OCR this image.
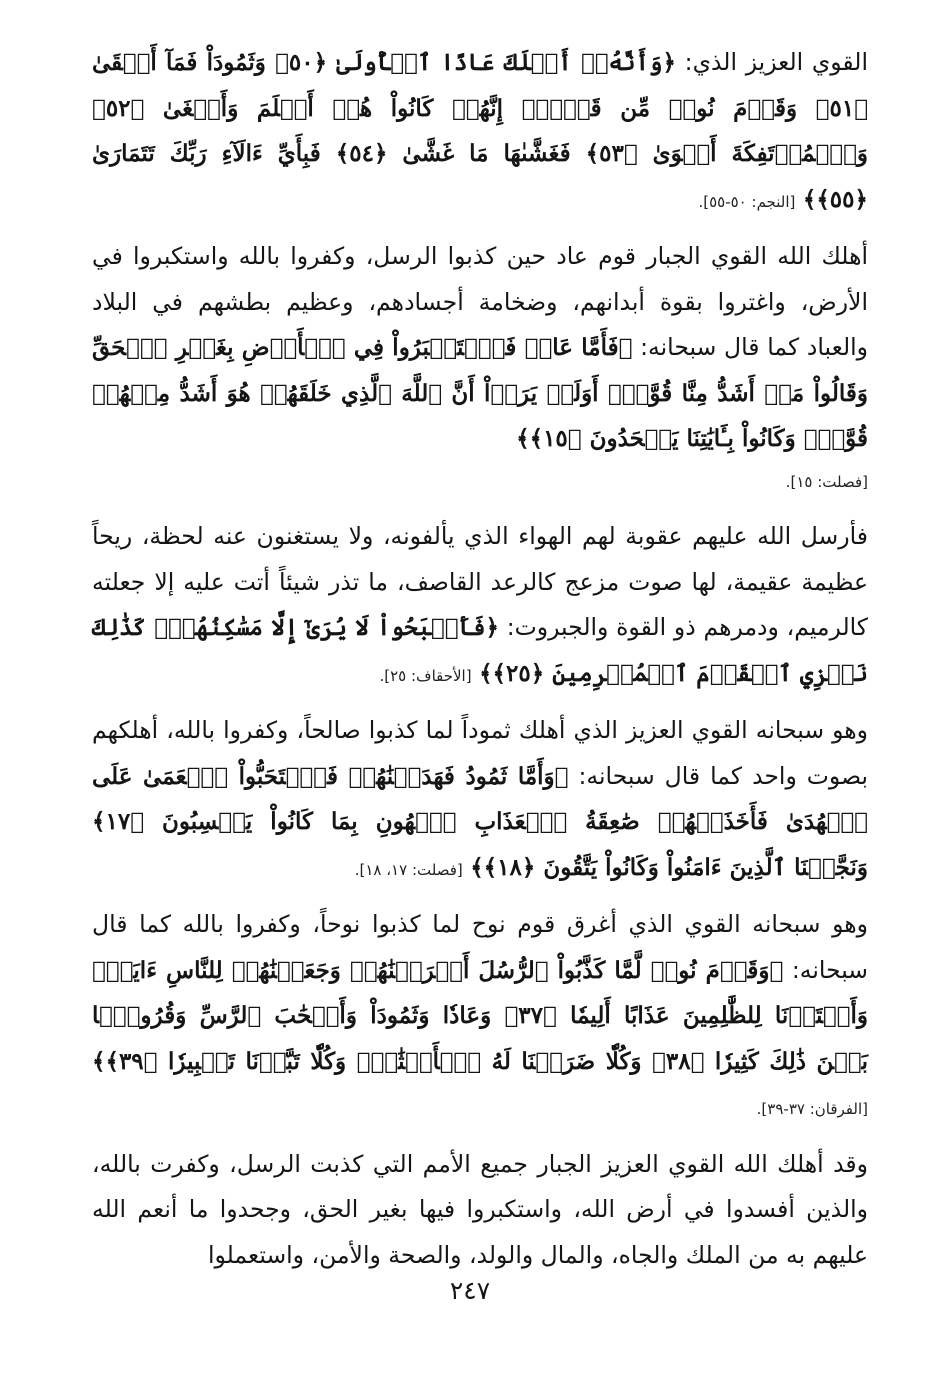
القوي العزيز الذي: ﴿وَأَنَّهُۥٓ أَهۡلَكَ عَادًا ٱلۡأُولَىٰ ﴿٥٠﴾ وَثَمُودَاْ فَمَآ أَبۡقَىٰ ﴿٥١﴾ وَقَوۡمَ نُوحٖ مِّن قَبۡلُۖ إِنَّهُمۡ كَانُواْ هُمۡ أَظۡلَمَ وَأَطۡغَىٰ ﴿٥٢﴾ وَٱلۡمُؤۡتَفِكَةَ أَهۡوَىٰ ﴿٥٣﴾ فَغَشَّىٰهَا مَا غَشَّىٰ ﴿٥٤﴾ فَبِأَيِّ ءَالَآءِ رَبِّكَ تَتَمَارَىٰ ﴿٥٥﴾﴾ [النجم: ٥٠-٥٥].

أهلك الله القوي الجبار قوم عاد حين كذبوا الرسل، وكفروا بالله واستكبروا في الأرض، واغتروا بقوة أبدانهم، وضخامة أجسادهم، وعظيم بطشهم في البلاد والعباد كما قال سبحانه: ﴿فَأَمَّا عَادٞ فَٱسۡتَكۡبَرُواْ فِي ٱلۡأَرۡضِ بِغَيۡرِ ٱلۡحَقِّ وَقَالُواْ مَنۡ أَشَدُّ مِنَّا قُوَّةًۖ أَوَلَمۡ يَرَوۡاْ أَنَّ ٱللَّهَ ٱلَّذِي خَلَقَهُمۡ هُوَ أَشَدُّ مِنۡهُمۡ قُوَّةٗۖ وَكَانُواْ بِـَٔايَٰتِنَا يَجۡحَدُونَ ﴿١٥﴾﴾
[فصلت: ١٥].

فأرسل الله عليهم عقوبة لهم الهواء الذي يألفونه، ولا يستغنون عنه لحظة، ريحاً عظيمة عقيمة، لها صوت مزعج كالرعد القاصف، ما تذر شيئاً أتت عليه إلا جعلته كالرميم، ودمرهم ذو القوة والجبروت: ﴿فَأَصۡبَحُواْ لَا يُرَىٰٓ إِلَّا مَسَٰكِنُهُمۡۚ كَذَٰلِكَ نَجۡزِي ٱلۡقَوۡمَ ٱلۡمُجۡرِمِينَ ﴿٢٥﴾﴾ [الأحقاف: ٢٥].

وهو سبحانه القوي العزيز الذي أهلك ثموداً لما كذبوا صالحاً، وكفروا بالله، أهلكهم بصوت واحد كما قال سبحانه: ﴿وَأَمَّا ثَمُودُ فَهَدَيۡنَٰهُمۡ فَٱسۡتَحَبُّواْ ٱلۡعَمَىٰ عَلَى ٱلۡهُدَىٰ فَأَخَذَتۡهُمۡ صَٰعِقَةُ ٱلۡعَذَابِ ٱلۡهُونِ بِمَا كَانُواْ يَكۡسِبُونَ ﴿١٧﴾ وَنَجَّيۡنَا ٱلَّذِينَ ءَامَنُواْ وَكَانُواْ يَتَّقُونَ ﴿١٨﴾﴾ [فصلت: ١٧، ١٨].

وهو سبحانه القوي الذي أغرق قوم نوح لما كذبوا نوحاً، وكفروا بالله كما قال سبحانه: ﴿وَقَوۡمَ نُوحٖ لَّمَّا كَذَّبُواْ ٱلرُّسُلَ أَغۡرَقۡنَٰهُمۡ وَجَعَلۡنَٰهُمۡ لِلنَّاسِ ءَايَةٗۖ وَأَعۡتَدۡنَا لِلظَّٰلِمِينَ عَذَابًا أَلِيمٗا ﴿٣٧﴾ وَعَادٗا وَثَمُودَاْ وَأَصۡحَٰبَ ٱلرَّسِّ وَقُرُونَۢا بَيۡنَ ذَٰلِكَ كَثِيرٗا ﴿٣٨﴾ وَكُلّٗا ضَرَبۡنَا لَهُ ٱلۡأَمۡثَٰلَۖ وَكُلّٗا تَبَّرۡنَا تَتۡبِيرٗا ﴿٣٩﴾﴾ [الفرقان: ٣٧-٣٩].

وقد أهلك الله القوي العزيز الجبار جميع الأمم التي كذبت الرسل، وكفرت بالله، والذين أفسدوا في أرض الله، واستكبروا فيها بغير الحق، وجحدوا ما أنعم الله عليهم به من الملك والجاه، والمال والولد، والصحة والأمن، واستعملوا

٢٤٧
